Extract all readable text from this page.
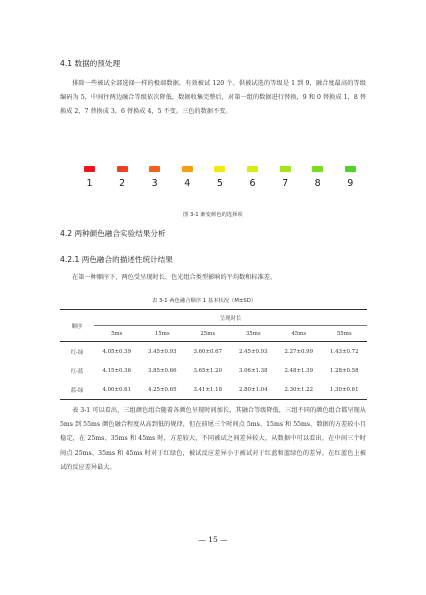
4.1 数据的预处理

排除一些被试全部选择一样的极端数据，有效被试 120 个。供被试选的等级是 1 到 9，融合度最高的等级编码为 5，中间往两边融合等级依次降低，数据收集完整后，对第一组的数据进行替换，9 和 0 替换成 1，8 替换成 2，7 替换成 3，6 替换成 4，5 不变。三色的数据不变。

1	2	3	4	5	6	7	8	9
图 3-1 渐变颜色的选择项
4.2 两种颜色融合实验结果分析
4.2.1 两色融合的描述性统计结果

在第一种顺序下，两色受呈现时长、色光组合类型影响的平均数和标准差。

表 3-1 两色融合顺序 1 基本状况（M±SD）
顺序	呈现时长					
	5ms	15ms	25ms	35ms	45ms	55ms
红-绿	4.05±0.39	3.45±0.93	3.60±0.67	2.45±0.93	2.27±0.99	1.43±0.72
红-蓝	4.15±0.36	3.85±0.66	3.65±1.20	3.06±1.38	2.48±1.39	1.28±0.58
蓝-绿	4.00±0.61	4.25±0.65	3.41±1.18	2.80±1.04	2.30±1.22	1.30±0.61

表 3-1 可以看出，三组颜色组合随着各颜色呈现时间加长，其融合等级降低，三组不同的颜色组合都呈现从 5ms 到 55ms 颜色融合程度从高到低的规律，但在前尾三个时间点 5ms、15ms 和 55ms，数据的方差较小且稳定，在 25ms、35ms 和 45ms 时，方差较大，不同被试之间差异较大，从数据中可以看出，在中间三个时间点 25ms、35ms 和 45ms 时对于红绿色，被试反应差异小于被试对于红蓝和蓝绿色的差异，在红蓝色上被试的反应差异最大。

— 15 —
